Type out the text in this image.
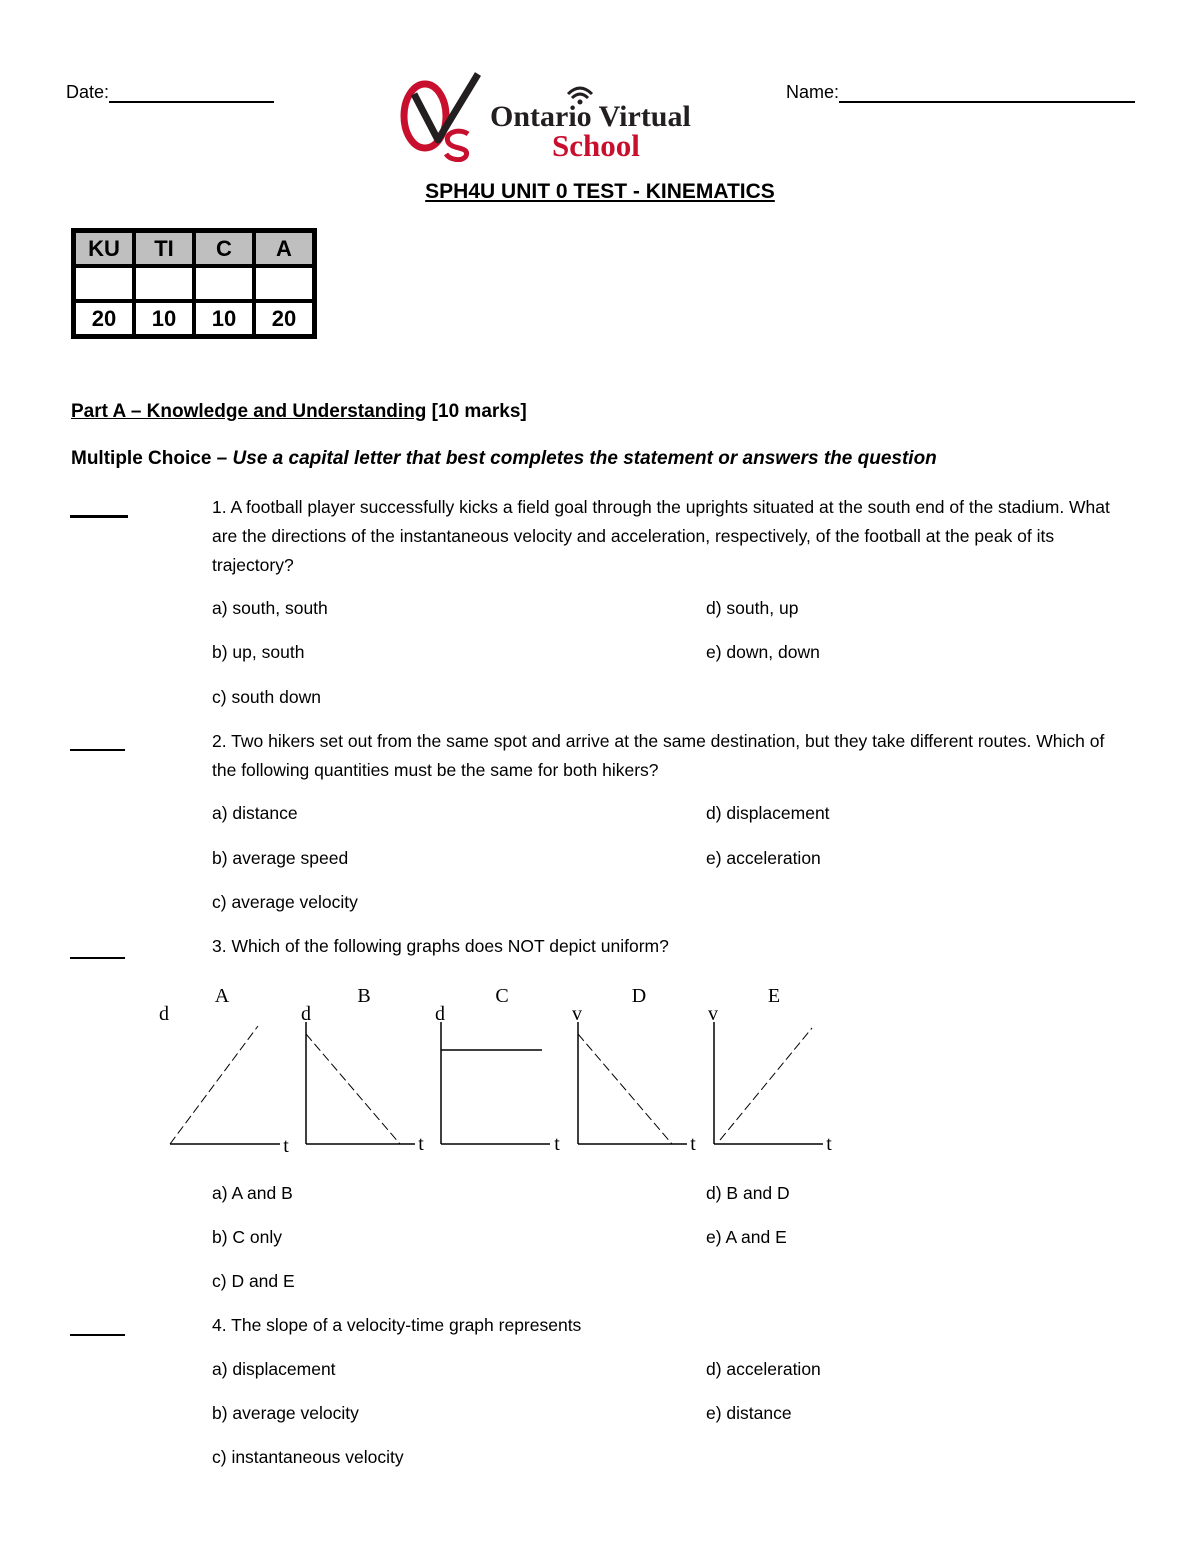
Date:	Name:
Ontario Virtual
School
SPH4U UNIT 0 TEST - KINEMATICS
KU	TI	C	A

20	10	10	20
Part A – Knowledge and Understanding [10 marks]
Multiple Choice – Use a capital letter that best completes the statement or answers the question
1. A football player successfully kicks a field goal through the uprights situated at the south end of the stadium. What are the directions of the instantaneous velocity and acceleration, respectively, of the football at the peak of its trajectory?
a) south, south
b) up, south
c) south down
d) south, up
e) down, down
2. Two hikers set out from the same spot and arrive at the same destination, but they take different routes. Which of the following quantities must be the same for both hikers?
a) distance
b) average speed
c) average velocity
d) displacement
e) acceleration
3. Which of the following graphs does NOT depict uniform?
A
d
t
B
d
t
C
d
t
D
v
t
E
v
t
a) A and B
b) C only
c) D and E
d) B and D
e) A and E
4. The slope of a velocity-time graph represents
a) displacement
b) average velocity
c) instantaneous velocity
d) acceleration
e) distance
